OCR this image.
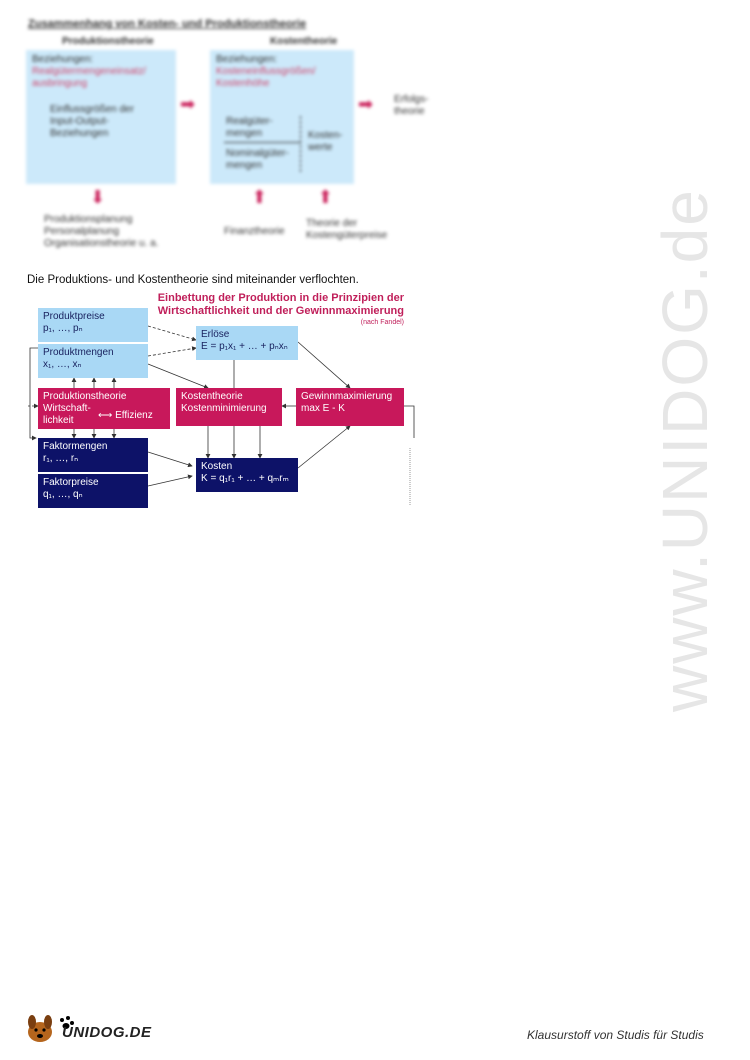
Zusammenhang von Kosten- und Produktionstheorie
Produktionstheorie	Kostentheorie
Beziehungen:
Realgütermengeneinsatz/ ausbringung
Einflussgrößen der Input-Output-Beziehungen
➡
Beziehungen:
Kosteneinflussgrößen/ Kostenhöhe
Realgüter- mengen
Nominalgüter- mengen
Kosten- werte
➡ Erfolgs- theorie
➡	➡	➡
Produktionsplanung Personalplanung Organisationstheorie u. a.
Finanztheorie
Theorie der Kostengüterpreise
Die Produktions- und Kostentheorie sind miteinander verflochten.
Einbettung der Produktion in die Prinzipien der
Wirtschaftlichkeit und der Gewinnmaximierung
(nach Fandel)
Produktpreise
p₁, …, pₙ
Produktmengen
x₁, …, xₙ
Erlöse
E = p₁x₁ + … + pₙxₙ
Produktionstheorie
Wirtschaft-
lichkeit	⟷ Effizienz
Kostentheorie
Kostenminimierung
Gewinnmaximierung
max E - K
Faktormengen
r₁, …, rₙ
Faktorpreise
q₁, …, qₙ
Kosten
K = q₁r₁ + … + qₘrₘ	www.UNIDOG.de
UNIDOG.DE	Klausurstoff von Studis für Studis
